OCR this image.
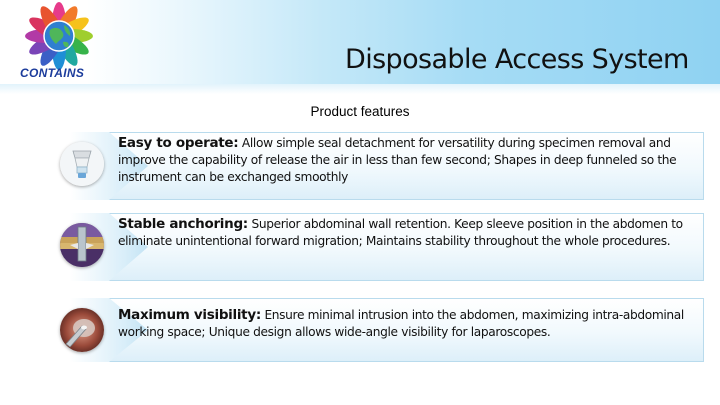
CONTAINS	Disposable Access System
Product features
Easy to operate: Allow simple seal detachment for versatility during specimen removal and improve the capability of release the air in less than few second; Shapes in deep funneled so the instrument can be exchanged smoothly
Stable anchoring: Superior abdominal wall retention. Keep sleeve position in the abdomen to eliminate unintentional forward migration; Maintains stability throughout the whole procedures.
Maximum visibility: Ensure minimal intrusion into the abdomen, maximizing intra-abdominal working space; Unique design allows wide-angle visibility for laparoscopes.
